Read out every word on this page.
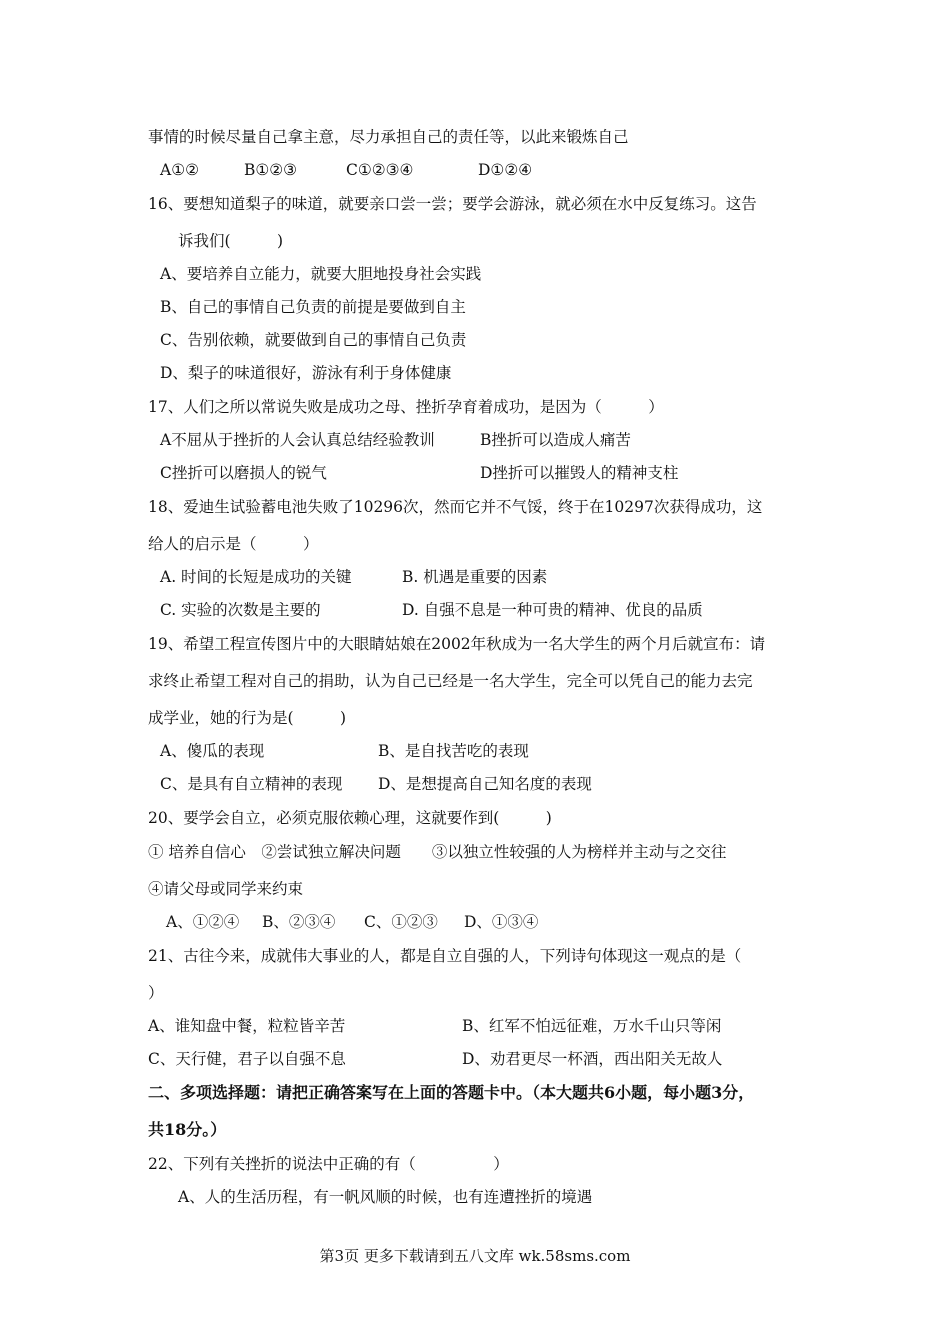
事情的时候尽量自己拿主意，尽力承担自己的责任等，以此来锻炼自己
A①②	B①②③	C①②③④	D①②④
16、要想知道梨子的味道，就要亲口尝一尝；要学会游泳，就必须在水中反复练习。这告
诉我们(　　　)
A、要培养自立能力，就要大胆地投身社会实践
B、自己的事情自己负责的前提是要做到自主
C、告别依赖，就要做到自己的事情自己负责
D、梨子的味道很好，游泳有利于身体健康
17、人们之所以常说失败是成功之母、挫折孕育着成功，是因为（　　　）
A不屈从于挫折的人会认真总结经验教训	B挫折可以造成人痛苦
C挫折可以磨损人的锐气	D挫折可以摧毁人的精神支柱
18、爱迪生试验蓄电池失败了10296次，然而它并不气馁，终于在10297次获得成功，这
给人的启示是（　　　）
A. 时间的长短是成功的关键	B. 机遇是重要的因素
C. 实验的次数是主要的	D. 自强不息是一种可贵的精神、优良的品质
19、希望工程宣传图片中的大眼睛姑娘在2002年秋成为一名大学生的两个月后就宣布：请
求终止希望工程对自己的捐助，认为自己已经是一名大学生，完全可以凭自己的能力去完
成学业，她的行为是(　　　)
A、傻瓜的表现	B、是自找苦吃的表现
C、是具有自立精神的表现 D、是想提高自己知名度的表现
20、要学会自立，必须克服依赖心理，这就要作到(　　　)
① 培养自信心　②尝试独立解决问题　　③以独立性较强的人为榜样并主动与之交往
④请父母或同学来约束
A、①②④ B、②③④ C、①②③ D、①③④
21、古往今来，成就伟大事业的人，都是自立自强的人，下列诗句体现这一观点的是（
）
A、谁知盘中餐，粒粒皆辛苦	B、红军不怕远征难，万水千山只等闲
C、天行健，君子以自强不息	D、劝君更尽一杯酒，西出阳关无故人
二、多项选择题：请把正确答案写在上面的答题卡中。（本大题共6小题，每小题3分，
共18分。）
22、下列有关挫折的说法中正确的有（　　　　　）
A、人的生活历程，有一帆风顺的时候，也有连遭挫折的境遇
第3页 更多下载请到五八文库 wk.58sms.com
